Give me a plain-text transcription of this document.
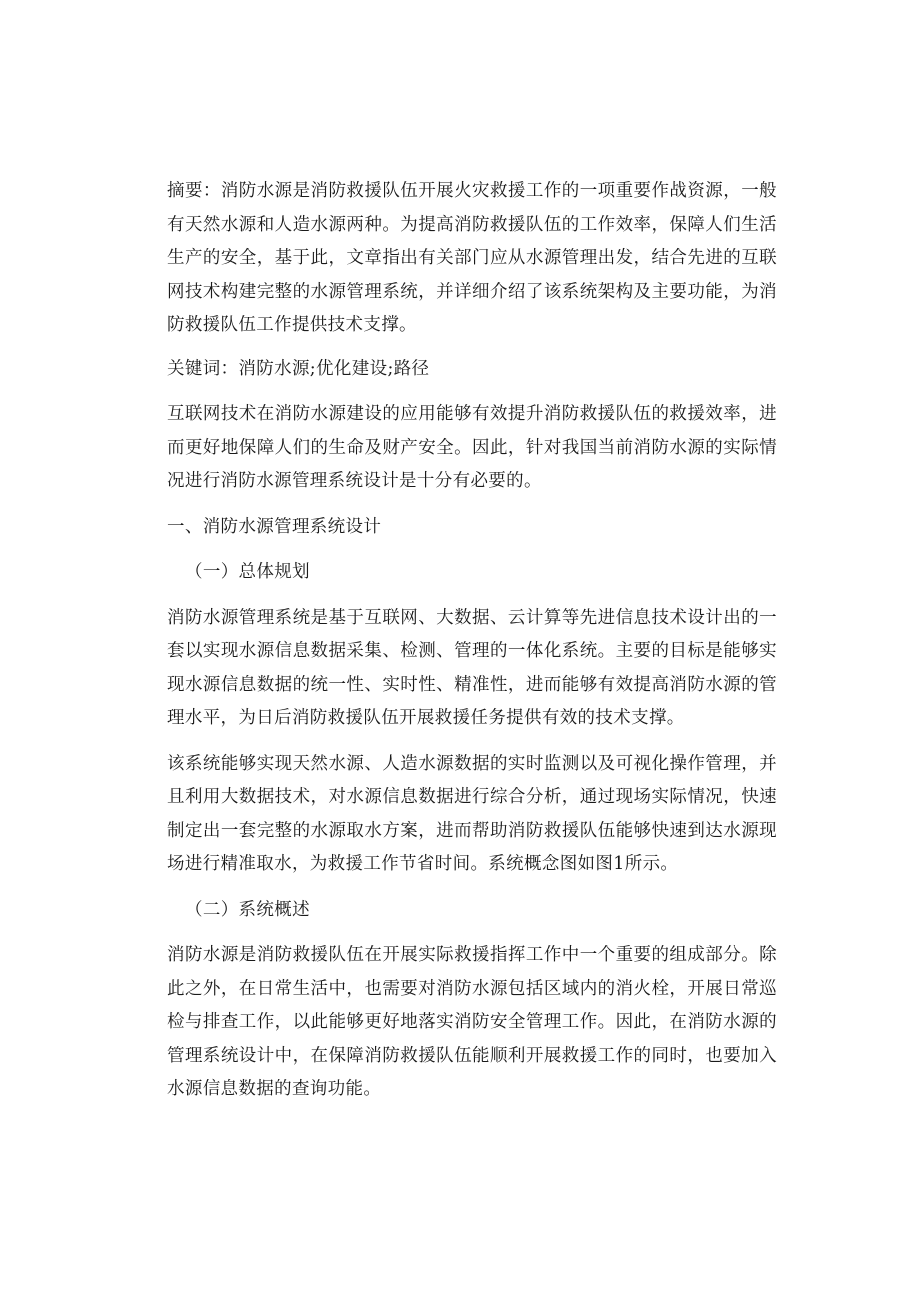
摘要：消防水源是消防救援队伍开展火灾救援工作的一项重要作战资源，一般有天然水源和人造水源两种。为提高消防救援队伍的工作效率，保障人们生活生产的安全，基于此，文章指出有关部门应从水源管理出发，结合先进的互联网技术构建完整的水源管理系统，并详细介绍了该系统架构及主要功能，为消防救援队伍工作提供技术支撑。

关键词：消防水源;优化建设;路径

互联网技术在消防水源建设的应用能够有效提升消防救援队伍的救援效率，进而更好地保障人们的生命及财产安全。因此，针对我国当前消防水源的实际情况进行消防水源管理系统设计是十分有必要的。

一、消防水源管理系统设计

（一）总体规划

消防水源管理系统是基于互联网、大数据、云计算等先进信息技术设计出的一套以实现水源信息数据采集、检测、管理的一体化系统。主要的目标是能够实现水源信息数据的统一性、实时性、精准性，进而能够有效提高消防水源的管理水平，为日后消防救援队伍开展救援任务提供有效的技术支撑。

该系统能够实现天然水源、人造水源数据的实时监测以及可视化操作管理，并且利用大数据技术，对水源信息数据进行综合分析，通过现场实际情况，快速制定出一套完整的水源取水方案，进而帮助消防救援队伍能够快速到达水源现场进行精准取水，为救援工作节省时间。系统概念图如图1所示。

（二）系统概述

消防水源是消防救援队伍在开展实际救援指挥工作中一个重要的组成部分。除此之外，在日常生活中，也需要对消防水源包括区域内的消火栓，开展日常巡检与排查工作，以此能够更好地落实消防安全管理工作。因此，在消防水源的管理系统设计中，在保障消防救援队伍能顺利开展救援工作的同时，也要加入水源信息数据的查询功能。
